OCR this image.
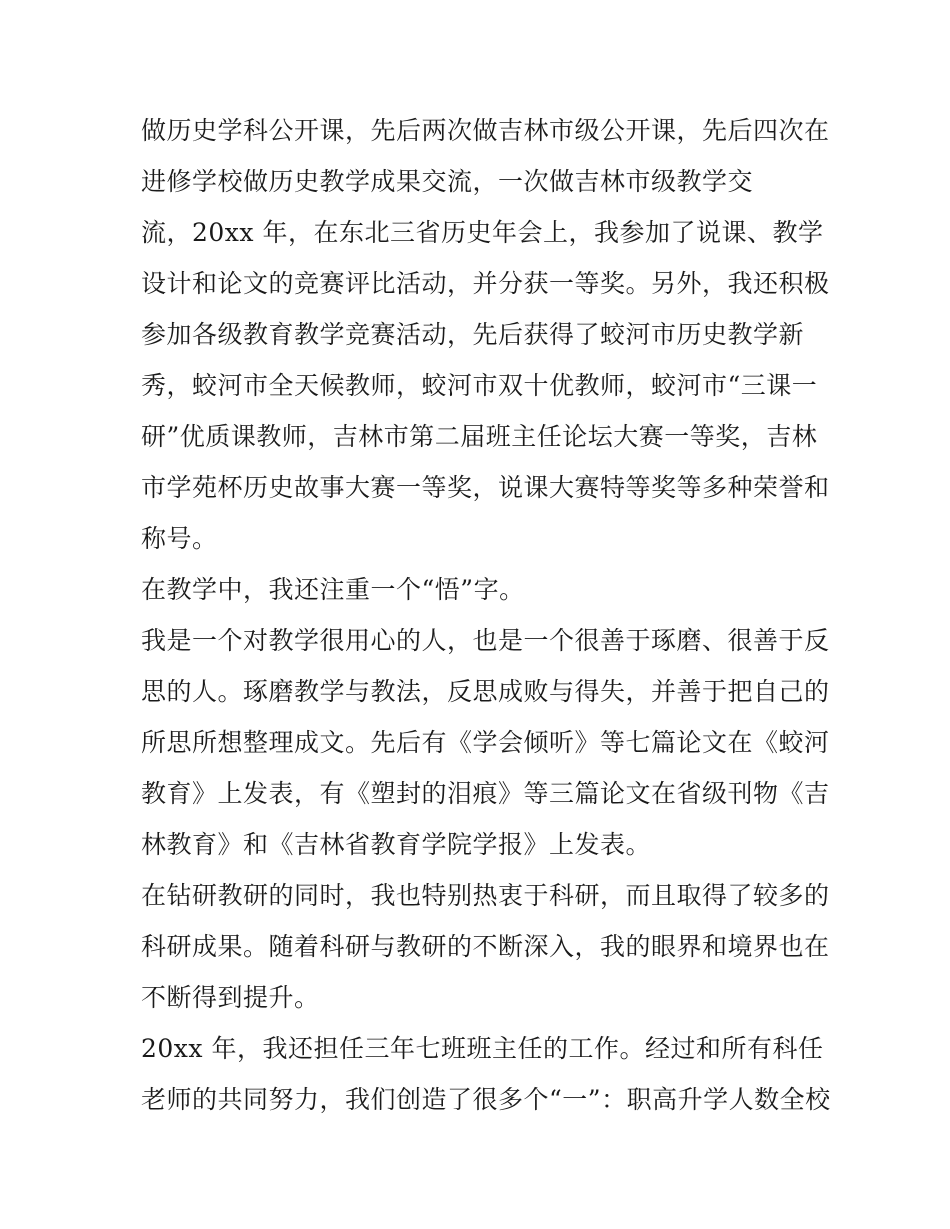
做历史学科公开课，先后两次做吉林市级公开课，先后四次在
进修学校做历史教学成果交流，一次做吉林市级教学交
流，20xx 年，在东北三省历史年会上，我参加了说课、教学
设计和论文的竞赛评比活动，并分获一等奖。另外，我还积极
参加各级教育教学竞赛活动，先后获得了蛟河市历史教学新
秀，蛟河市全天候教师，蛟河市双十优教师，蛟河市“三课一
研”优质课教师，吉林市第二届班主任论坛大赛一等奖，吉林
市学苑杯历史故事大赛一等奖，说课大赛特等奖等多种荣誉和
称号。
在教学中，我还注重一个“悟”字。
我是一个对教学很用心的人，也是一个很善于琢磨、很善于反
思的人。琢磨教学与教法，反思成败与得失，并善于把自己的
所思所想整理成文。先后有《学会倾听》等七篇论文在《蛟河
教育》上发表，有《塑封的泪痕》等三篇论文在省级刊物《吉
林教育》和《吉林省教育学院学报》上发表。
在钻研教研的同时，我也特别热衷于科研，而且取得了较多的
科研成果。随着科研与教研的不断深入，我的眼界和境界也在
不断得到提升。
20xx 年，我还担任三年七班班主任的工作。经过和所有科任
老师的共同努力，我们创造了很多个“一”：职高升学人数全校
